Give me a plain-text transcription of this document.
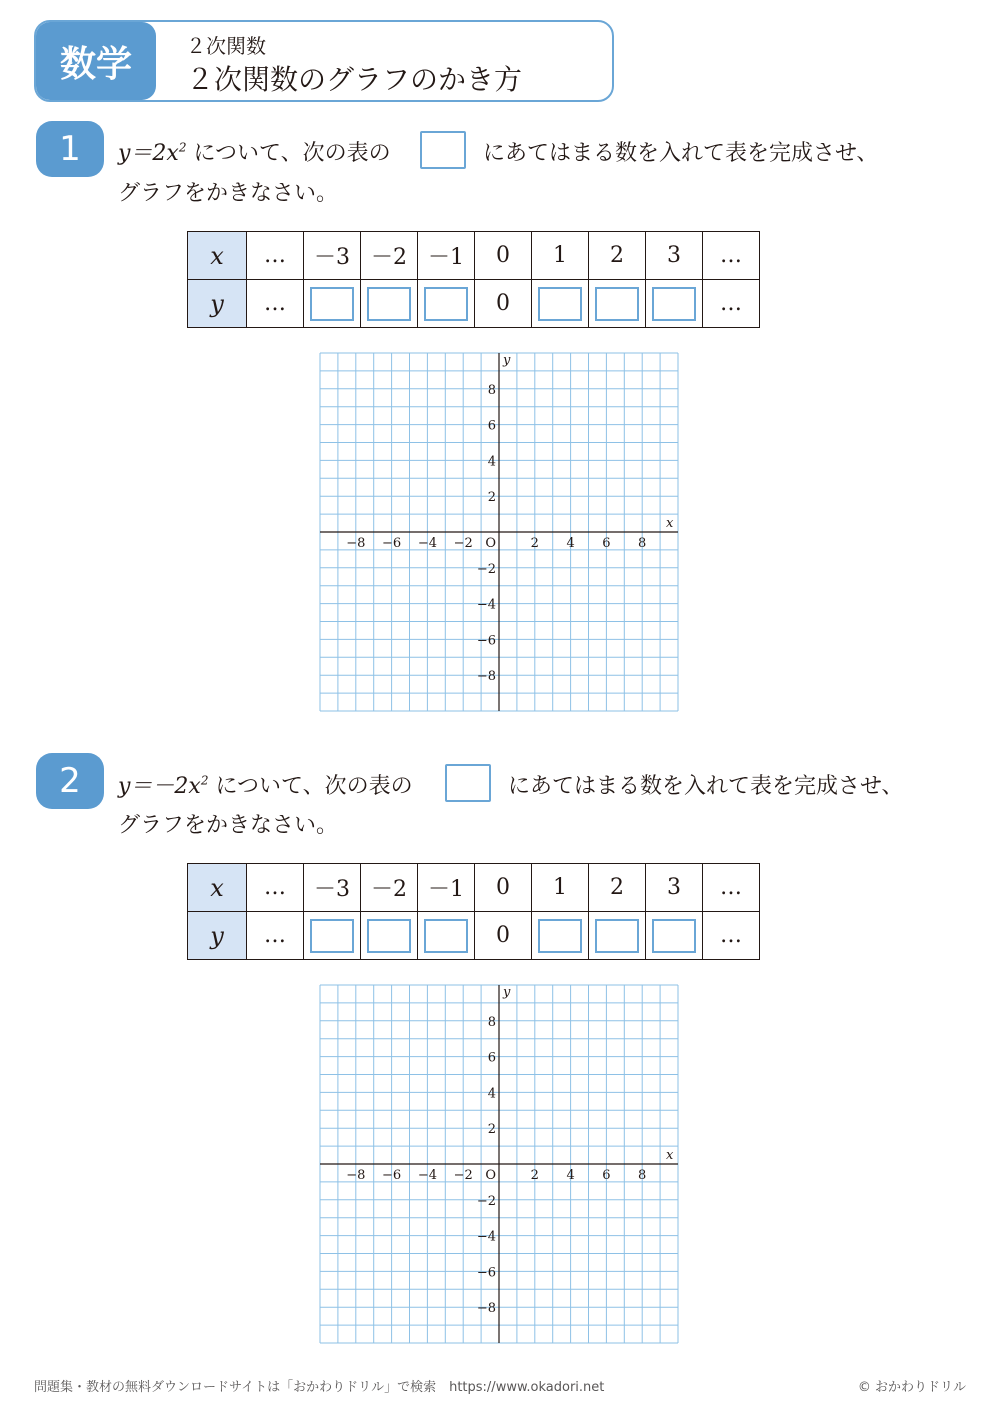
数学	２次関数
２次関数のグラフのかき方
1	$y=2x^2$ について、次の表の	にあてはまる数を入れて表を完成させ、
グラフをかきなさい。
x	…	－3	－2	－1	0	1	2	3	…
y	…				0				…
−8 −6 −4 −2	2 4 6 8
8
6
4
2
−2
−4
−6
−8
O
y
x
2	$y=-2x^2$ について、次の表の	にあてはまる数を入れて表を完成させ、
グラフをかきなさい。
x	…	－3	－2	－1	0	1	2	3	…
y	…				0				…
−8 −6 −4 −2	2 4 6 8
8
6
4
2
−2
−4
−6
−8
O
y
x
問題集・教材の無料ダウンロードサイトは「おかわりドリル」で検索　https://www.okadori.net	© おかわりドリル
